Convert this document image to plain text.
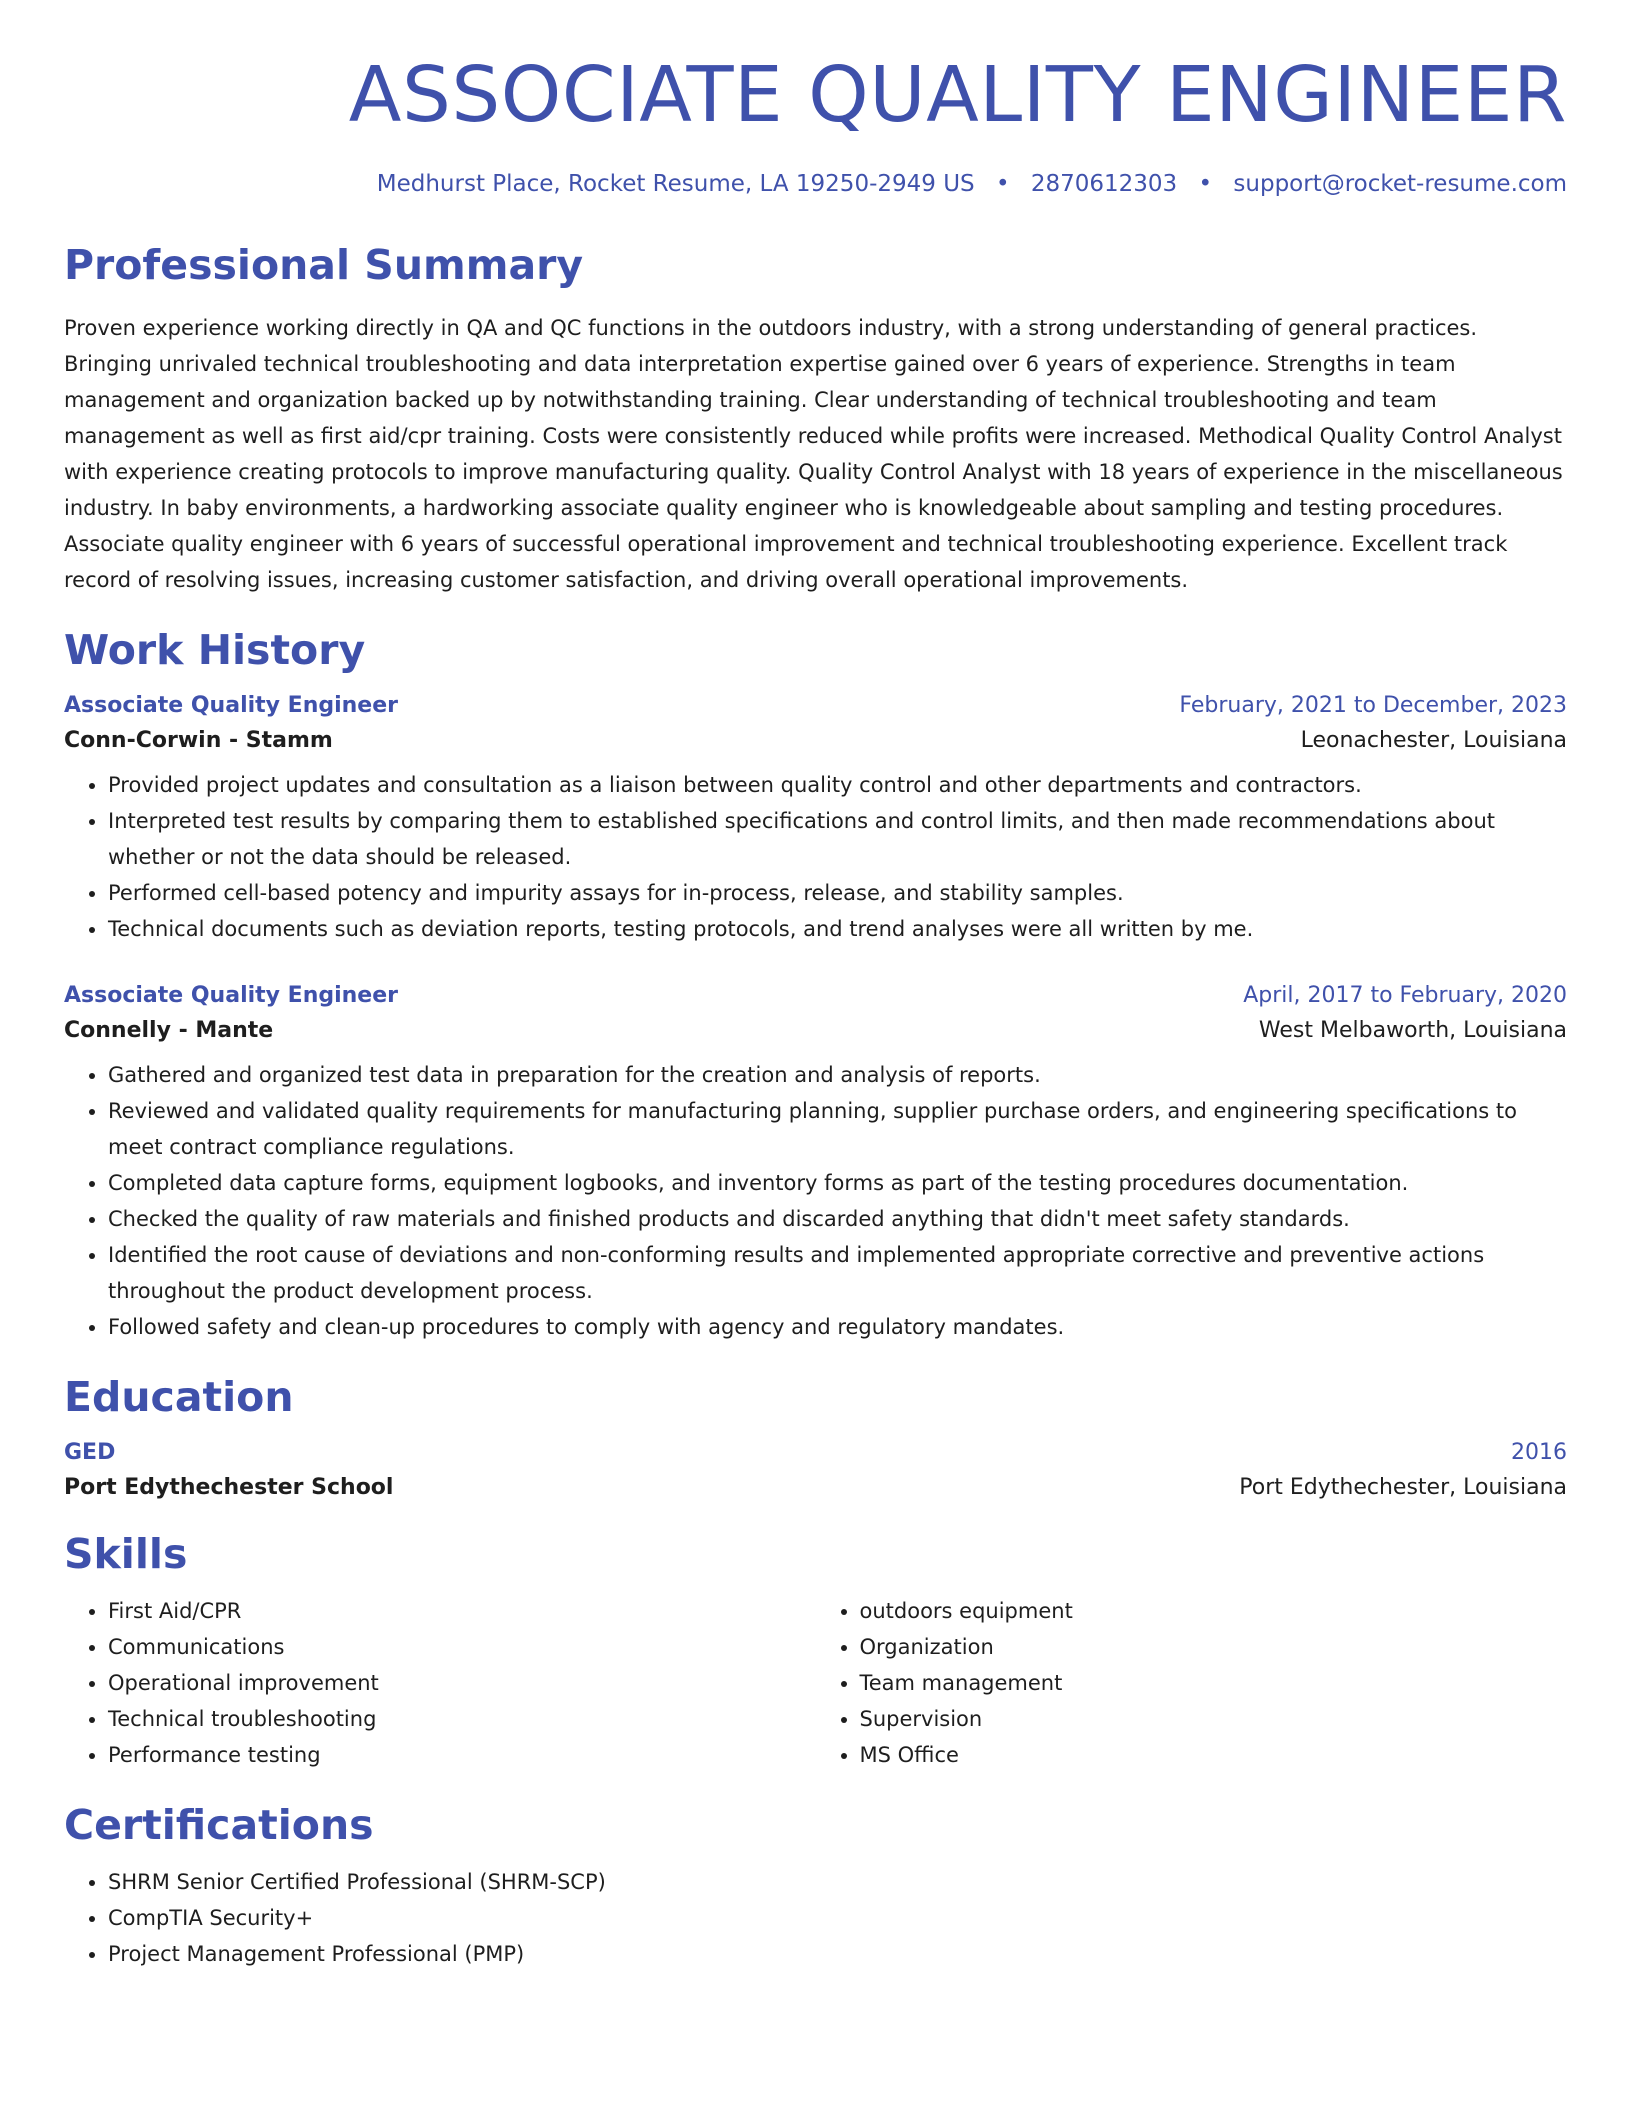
ASSOCIATE QUALITY ENGINEER
Medhurst Place, Rocket Resume, LA 19250-2949 US • 2870612303 • support@rocket-resume.com
Professional Summary
Proven experience working directly in QA and QC functions in the outdoors industry, with a strong understanding of general practices. Bringing unrivaled technical troubleshooting and data interpretation expertise gained over 6 years of experience. Strengths in team management and organization backed up by notwithstanding training. Clear understanding of technical troubleshooting and team management as well as first aid/cpr training. Costs were consistently reduced while profits were increased. Methodical Quality Control Analyst with experience creating protocols to improve manufacturing quality. Quality Control Analyst with 18 years of experience in the miscellaneous industry. In baby environments, a hardworking associate quality engineer who is knowledgeable about sampling and testing procedures. Associate quality engineer with 6 years of successful operational improvement and technical troubleshooting experience. Excellent track record of resolving issues, increasing customer satisfaction, and driving overall operational improvements.
Work History
Associate Quality Engineer	February, 2021 to December, 2023
Conn-Corwin - Stamm	Leonachester, Louisiana
• Provided project updates and consultation as a liaison between quality control and other departments and contractors.
• Interpreted test results by comparing them to established specifications and control limits, and then made recommendations about whether or not the data should be released.
• Performed cell-based potency and impurity assays for in-process, release, and stability samples.
• Technical documents such as deviation reports, testing protocols, and trend analyses were all written by me.
Associate Quality Engineer	April, 2017 to February, 2020
Connelly - Mante	West Melbaworth, Louisiana
• Gathered and organized test data in preparation for the creation and analysis of reports.
• Reviewed and validated quality requirements for manufacturing planning, supplier purchase orders, and engineering specifications to meet contract compliance regulations.
• Completed data capture forms, equipment logbooks, and inventory forms as part of the testing procedures documentation.
• Checked the quality of raw materials and finished products and discarded anything that didn't meet safety standards.
• Identified the root cause of deviations and non-conforming results and implemented appropriate corrective and preventive actions throughout the product development process.
• Followed safety and clean-up procedures to comply with agency and regulatory mandates.
Education
GED	2016
Port Edythechester School	Port Edythechester, Louisiana
Skills
• First Aid/CPR
• Communications
• Operational improvement
• Technical troubleshooting
• Performance testing
• outdoors equipment
• Organization
• Team management
• Supervision
• MS Office
Certifications
• SHRM Senior Certified Professional (SHRM-SCP)
• CompTIA Security+
• Project Management Professional (PMP)
